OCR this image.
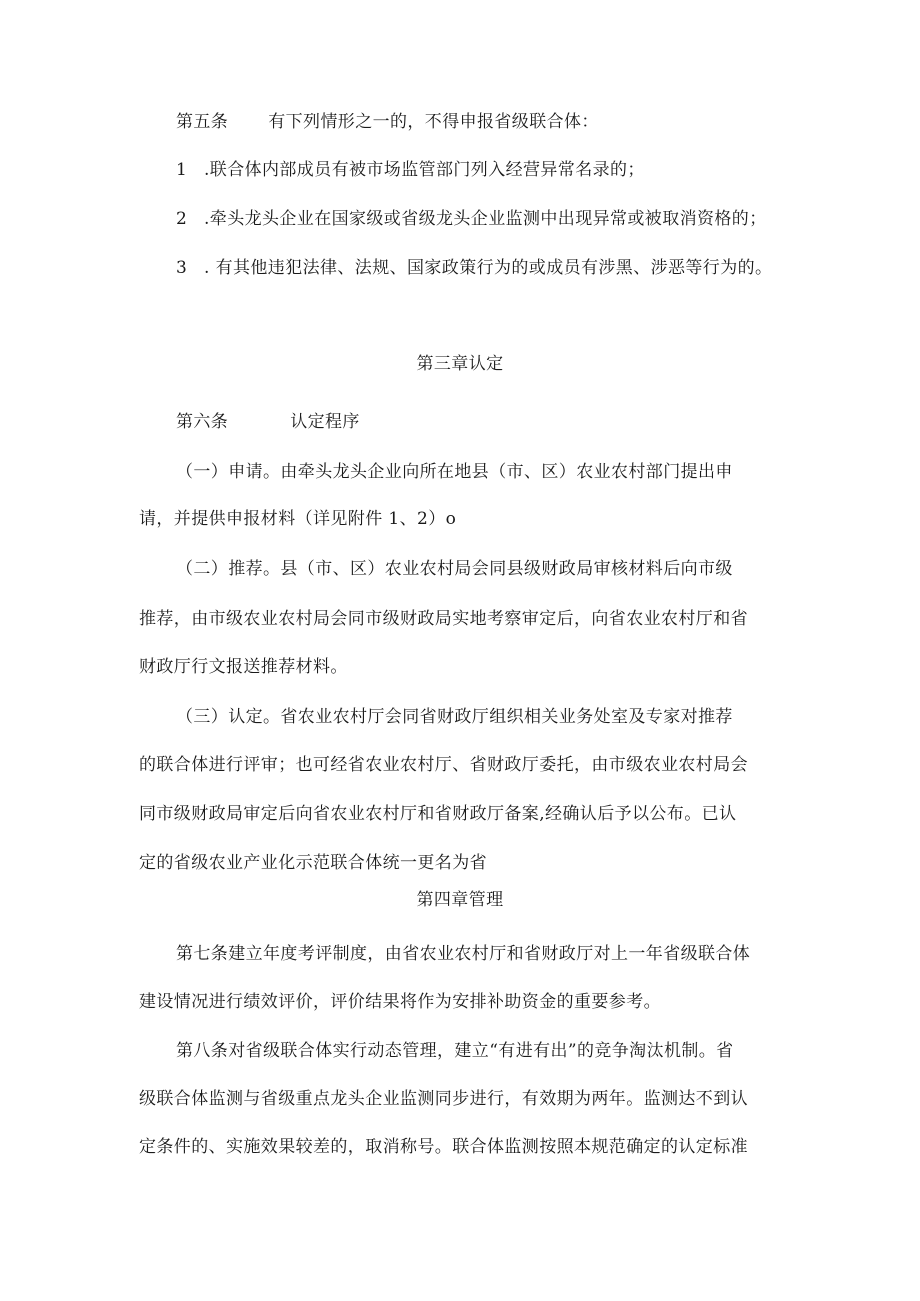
第五条 有下列情形之一的，不得申报省级联合体：
1 .联合体内部成员有被市场监管部门列入经营异常名录的；
2 .牵头龙头企业在国家级或省级龙头企业监测中出现异常或被取消资格的；
3 . 有其他违犯法律、法规、国家政策行为的或成员有涉黑、涉恶等行为的。
第三章认定
第六条	认定程序
（一）申请。由牵头龙头企业向所在地县（市、区）农业农村部门提出申
请，并提供申报材料（详见附件 1、2）o
（二）推荐。县（市、区）农业农村局会同县级财政局审核材料后向市级
推荐，由市级农业农村局会同市级财政局实地考察审定后，向省农业农村厅和省
财政厅行文报送推荐材料。
（三）认定。省农业农村厅会同省财政厅组织相关业务处室及专家对推荐
的联合体进行评审；也可经省农业农村厅、省财政厅委托，由市级农业农村局会
同市级财政局审定后向省农业农村厅和省财政厅备案,经确认后予以公布。已认
定的省级农业产业化示范联合体统一更名为省
第四章管理
第七条建立年度考评制度，由省农业农村厅和省财政厅对上一年省级联合体
建设情况进行绩效评价，评价结果将作为安排补助资金的重要参考。
第八条对省级联合体实行动态管理，建立“有进有出”的竞争淘汰机制。省
级联合体监测与省级重点龙头企业监测同步进行，有效期为两年。监测达不到认
定条件的、实施效果较差的，取消称号。联合体监测按照本规范确定的认定标准
